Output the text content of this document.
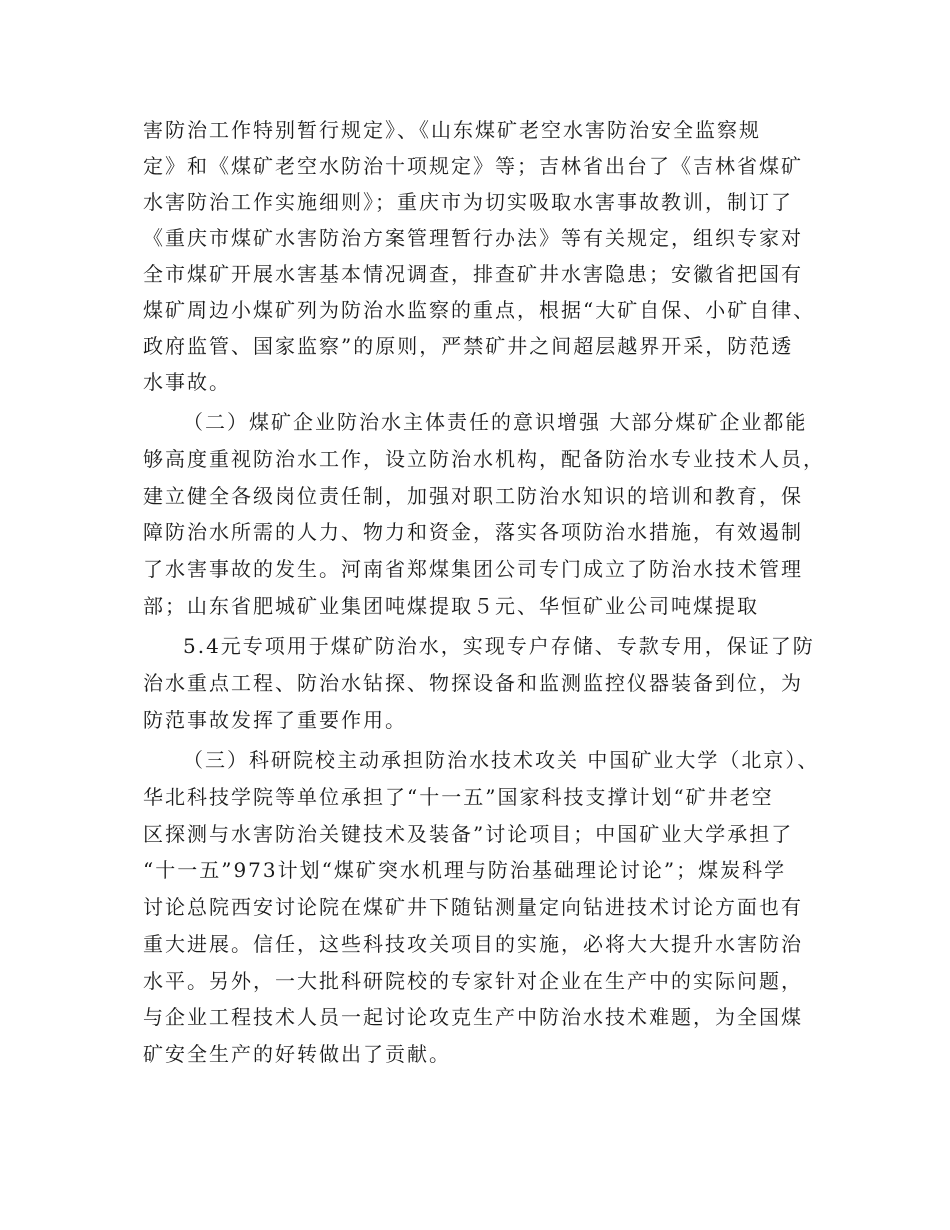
害防治工作特别暂行规定》、《山东煤矿老空水害防治安全监察规
定》和《煤矿老空水防治十项规定》等；吉林省出台了《吉林省煤矿
水害防治工作实施细则》；重庆市为切实吸取水害事故教训，制订了
《重庆市煤矿水害防治方案管理暂行办法》等有关规定，组织专家对
全市煤矿开展水害基本情况调查，排查矿井水害隐患；安徽省把国有
煤矿周边小煤矿列为防治水监察的重点，根据“大矿自保、小矿自律、
政府监管、国家监察”的原则，严禁矿井之间超层越界开采，防范透
水事故。
（二）煤矿企业防治水主体责任的意识增强 大部分煤矿企业都能
够高度重视防治水工作，设立防治水机构，配备防治水专业技术人员，
建立健全各级岗位责任制，加强对职工防治水知识的培训和教育，保
障防治水所需的人力、物力和资金，落实各项防治水措施，有效遏制
了水害事故的发生。河南省郑煤集团公司专门成立了防治水技术管理
部；山东省肥城矿业集团吨煤提取５元、华恒矿业公司吨煤提取
5.4元专项用于煤矿防治水，实现专户存储、专款专用，保证了防
治水重点工程、防治水钻探、物探设备和监测监控仪器装备到位，为
防范事故发挥了重要作用。
（三）科研院校主动承担防治水技术攻关 中国矿业大学（北京）、
华北科技学院等单位承担了“十一五”国家科技支撑计划“矿井老空
区探测与水害防治关键技术及装备”讨论项目；中国矿业大学承担了
“十一五”973计划“煤矿突水机理与防治基础理论讨论”；煤炭科学
讨论总院西安讨论院在煤矿井下随钻测量定向钻进技术讨论方面也有
重大进展。信任，这些科技攻关项目的实施，必将大大提升水害防治
水平。另外，一大批科研院校的专家针对企业在生产中的实际问题，
与企业工程技术人员一起讨论攻克生产中防治水技术难题，为全国煤
矿安全生产的好转做出了贡献。
